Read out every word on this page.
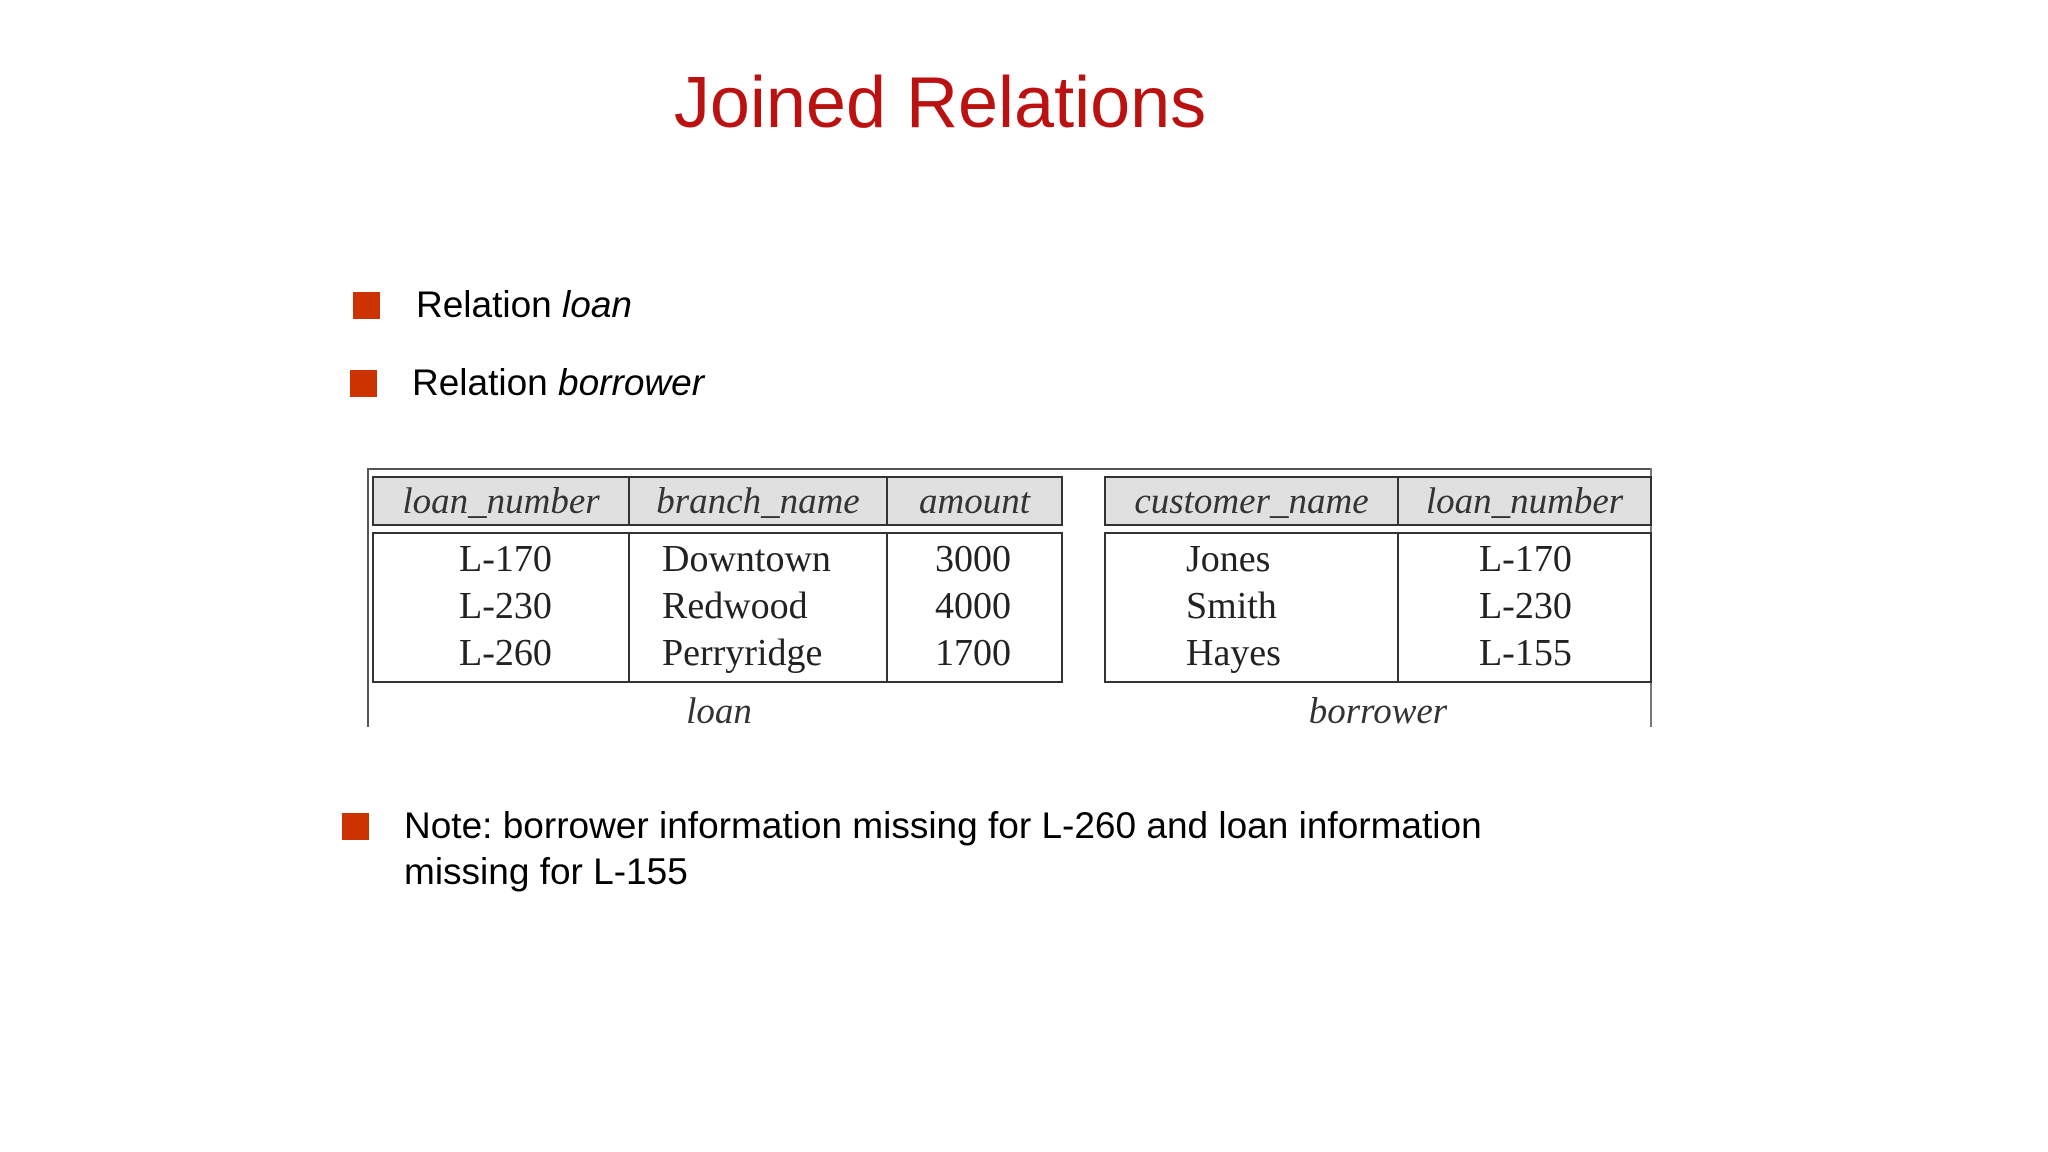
Joined Relations
Relation loan
Relation borrower
loan_number	branch_name	amount

L-170	Downtown	3000
L-230	Redwood	4000
L-260	Perryridge	1700
customer_name	loan_number

Jones	L-170
Smith	L-230
Hayes	L-155
loan	borrower
Note: borrower information missing for L-260 and loan information missing for L-155
